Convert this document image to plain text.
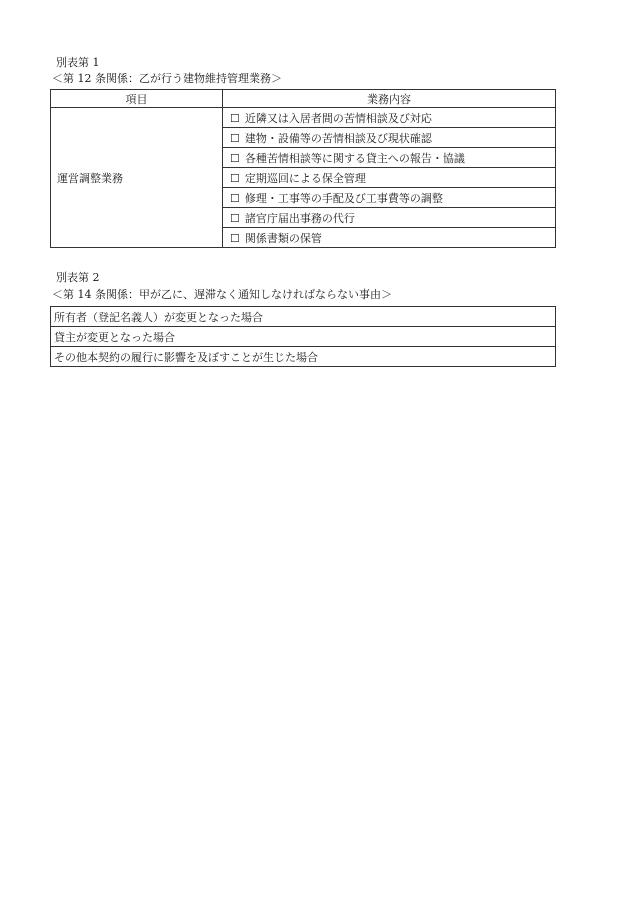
別表第 1
＜第 12 条関係：乙が行う建物維持管理業務＞
項目	業務内容
運営調整業務	☐ 近隣又は入居者間の苦情相談及び対応
	☐ 建物・設備等の苦情相談及び現状確認
	☐ 各種苦情相談等に関する貸主への報告・協議
	☐ 定期巡回による保全管理
	☐ 修理・工事等の手配及び工事費等の調整
	☐ 諸官庁届出事務の代行
	☐ 関係書類の保管
別表第 2
＜第 14 条関係：甲が乙に、遅滞なく通知しなければならない事由＞
所有者（登記名義人）が変更となった場合
貸主が変更となった場合
その他本契約の履行に影響を及ぼすことが生じた場合
